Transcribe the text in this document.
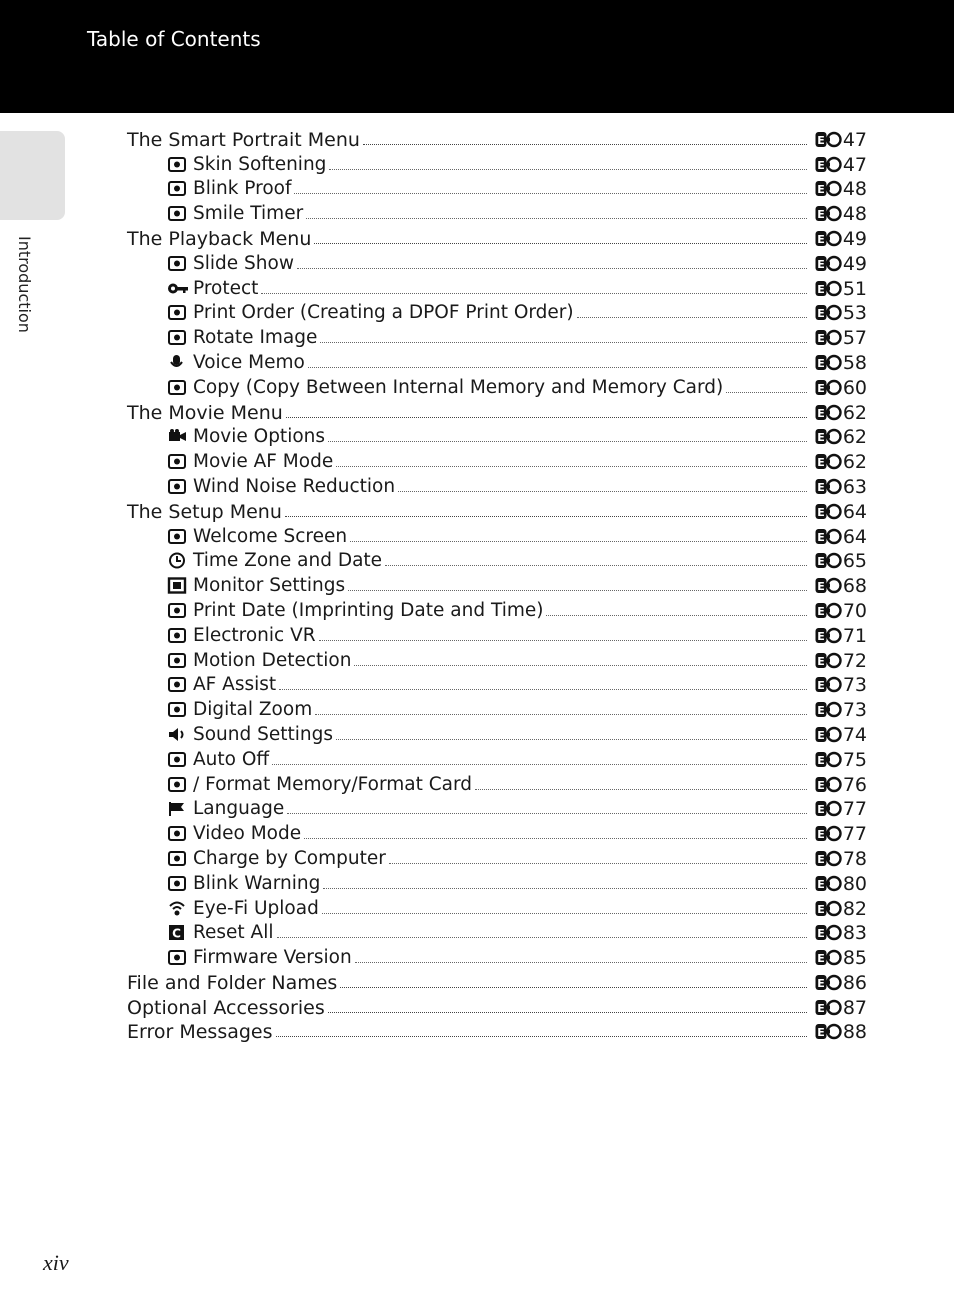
Table of Contents
Introduction
The Smart Portrait Menu	E 47
Skin Softening	E 47
Blink Proof	E 48
Smile Timer	E 48
The Playback Menu	E 49
Slide Show	E 49
Protect	E 51
Print Order (Creating a DPOF Print Order)	E 53
Rotate Image	E 57
Voice Memo	E 58
Copy (Copy Between Internal Memory and Memory Card)	E 60
The Movie Menu	E 62
Movie Options	E 62
Movie AF Mode	E 62
Wind Noise Reduction	E 63
The Setup Menu	E 64
Welcome Screen	E 64
Time Zone and Date	E 65
Monitor Settings	E 68
Print Date (Imprinting Date and Time)	E 70
Electronic VR	E 71
Motion Detection	E 72
AF Assist	E 73
Digital Zoom	E 73
Sound Settings	E 74
Auto Off	E 75
/ Format Memory/Format Card	E 76
Language	E 77
Video Mode	E 77
Charge by Computer	E 78
Blink Warning	E 80
Eye-Fi Upload	E 82
C Reset All	E 83
Firmware Version	E 85
File and Folder Names	E 86
Optional Accessories	E 87
Error Messages	E 88
xiv
